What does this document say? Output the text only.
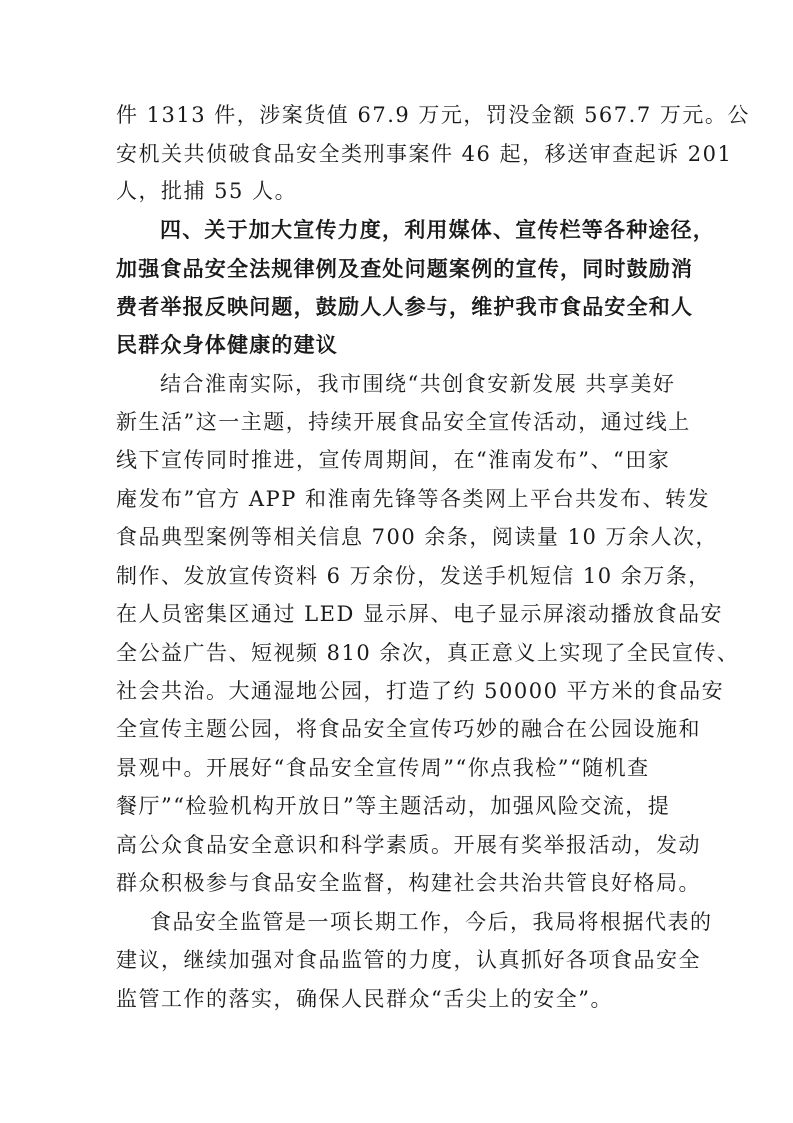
件 1313 件，涉案货值 67.9 万元，罚没金额 567.7 万元。公
安机关共侦破食品安全类刑事案件 46 起，移送审查起诉 201
人，批捕 55 人。
四、关于加大宣传力度，利用媒体、宣传栏等各种途径，
加强食品安全法规律例及查处问题案例的宣传，同时鼓励消
费者举报反映问题，鼓励人人参与，维护我市食品安全和人
民群众身体健康的建议
结合淮南实际，我市围绕“共创食安新发展 共享美好
新生活”这一主题，持续开展食品安全宣传活动，通过线上
线下宣传同时推进，宣传周期间，在“淮南发布”、“田家
庵发布”官方 APP 和淮南先锋等各类网上平台共发布、转发
食品典型案例等相关信息 700 余条，阅读量 10 万余人次，
制作、发放宣传资料 6 万余份，发送手机短信 10 余万条，
在人员密集区通过 LED 显示屏、电子显示屏滚动播放食品安
全公益广告、短视频 810 余次，真正意义上实现了全民宣传、
社会共治。大通湿地公园，打造了约 50000 平方米的食品安
全宣传主题公园，将食品安全宣传巧妙的融合在公园设施和
景观中。开展好“食品安全宣传周”“你点我检”“随机查
餐厅”“检验机构开放日”等主题活动，加强风险交流，提
高公众食品安全意识和科学素质。开展有奖举报活动，发动
群众积极参与食品安全监督，构建社会共治共管良好格局。
食品安全监管是一项长期工作，今后，我局将根据代表的
建议，继续加强对食品监管的力度，认真抓好各项食品安全
监管工作的落实，确保人民群众“舌尖上的安全”。
